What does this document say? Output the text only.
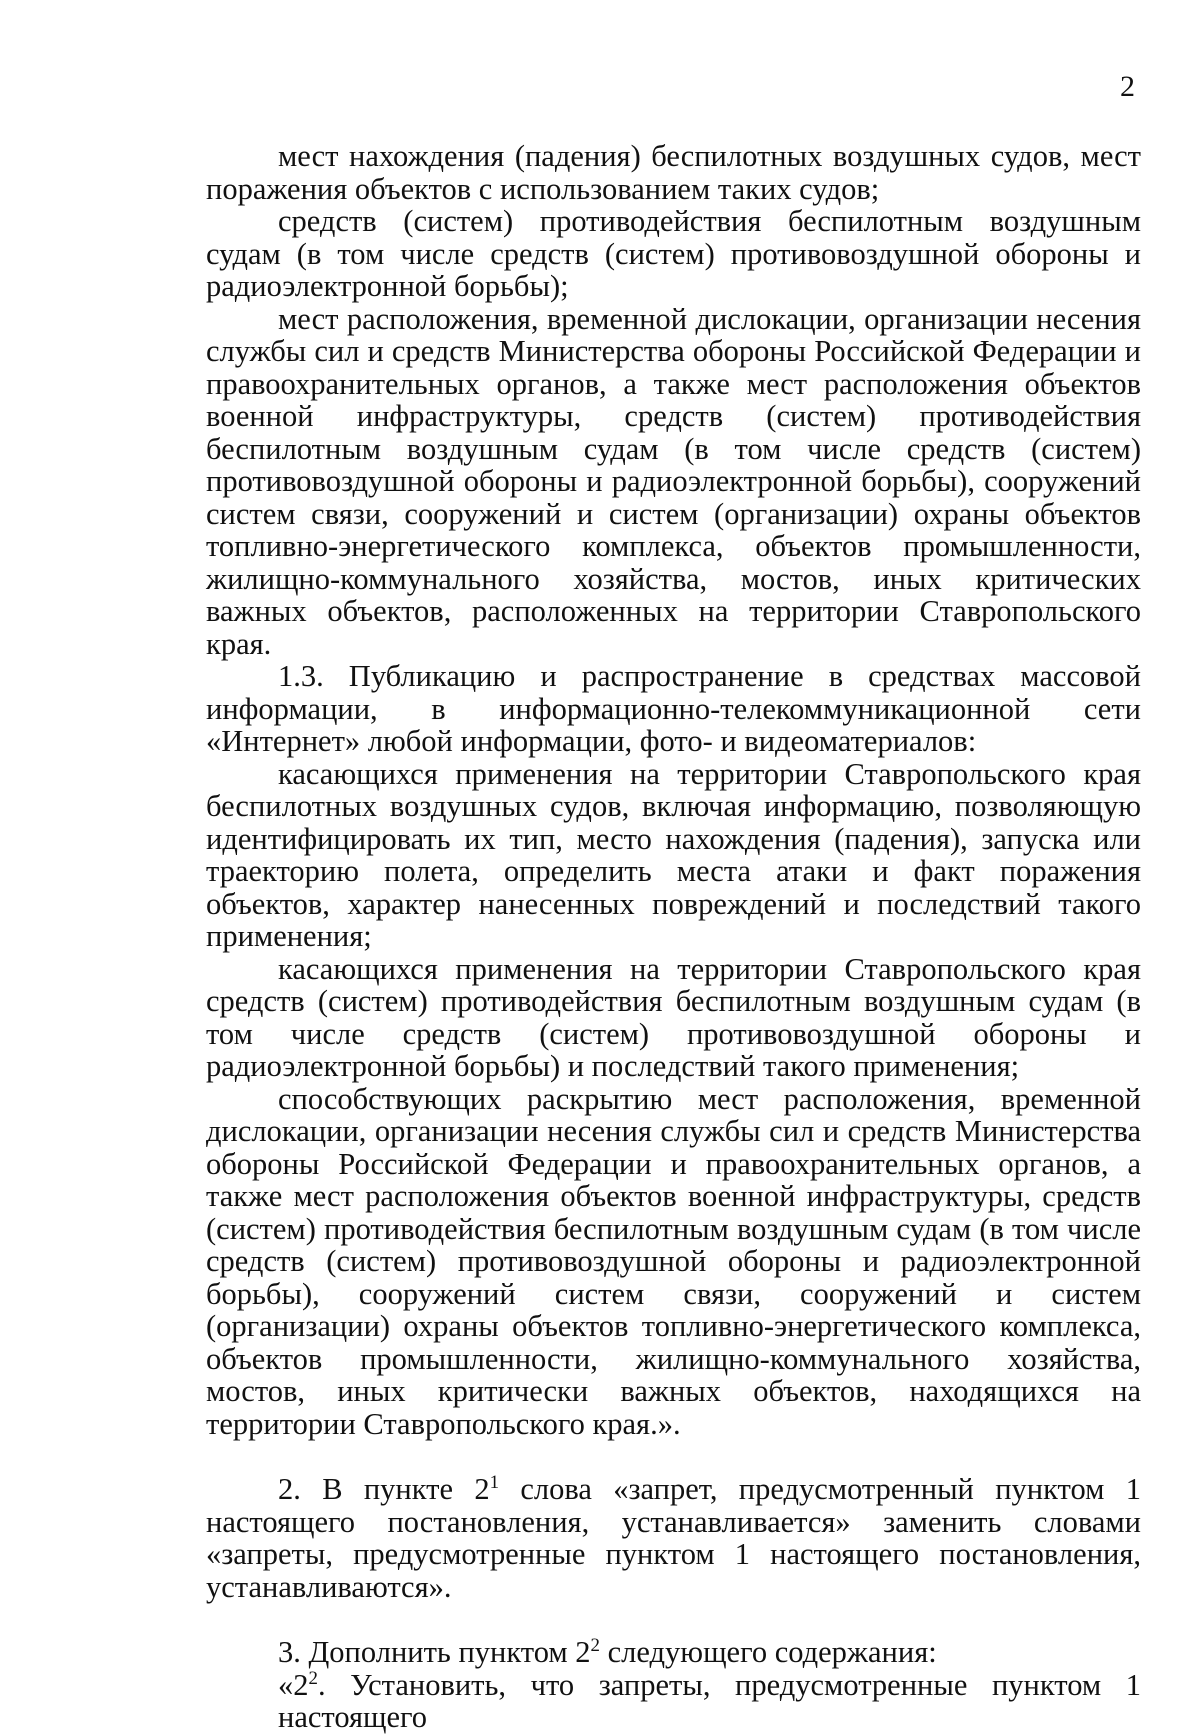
2

мест нахождения (падения) беспилотных воздушных судов, мест поражения объектов с использованием таких судов;

средств (систем) противодействия беспилотным воздушным судам (в том числе средств (систем) противовоздушной обороны и радиоэлектронной борьбы);

мест расположения, временной дислокации, организации несения службы сил и средств Министерства обороны Российской Федерации и правоохранительных органов, а также мест расположения объектов военной инфраструктуры, средств (систем) противодействия беспилотным воздушным судам (в том числе средств (систем) противовоздушной обороны и радиоэлектронной борьбы), сооружений систем связи, сооружений и систем (организации) охраны объектов топливно-энергетического комплекса, объектов промышленности, жилищно-коммунального хозяйства, мостов, иных критических важных объектов, расположенных на территории Ставропольского края.

1.3. Публикацию и распространение в средствах массовой информации, в информационно-телекоммуникационной сети «Интернет» любой информации, фото- и видеоматериалов:

касающихся применения на территории Ставропольского края беспилотных воздушных судов, включая информацию, позволяющую идентифицировать их тип, место нахождения (падения), запуска или траекторию полета, определить места атаки и факт поражения объектов, характер нанесенных повреждений и последствий такого применения;

касающихся применения на территории Ставропольского края средств (систем) противодействия беспилотным воздушным судам (в том числе средств (систем) противовоздушной обороны и радиоэлектронной борьбы) и последствий такого применения;

способствующих раскрытию мест расположения, временной дислокации, организации несения службы сил и средств Министерства обороны Российской Федерации и правоохранительных органов, а также мест расположения объектов военной инфраструктуры, средств (систем) противодействия беспилотным воздушным судам (в том числе средств (систем) противовоздушной обороны и радиоэлектронной борьбы), сооружений систем связи, сооружений и систем (организации) охраны объектов топливно-энергетического комплекса, объектов промышленности, жилищно-коммунального хозяйства, мостов, иных критически важных объектов, находящихся на территории Ставропольского края.».

2. В пункте $2^1$ слова «запрет, предусмотренный пунктом 1 настоящего постановления, устанавливается» заменить словами «запреты, предусмотренные пунктом 1 настоящего постановления, устанавливаются».

3. Дополнить пунктом $2^2$ следующего содержания:

«$2^2$. Установить, что запреты, предусмотренные пунктом 1 настоящего
